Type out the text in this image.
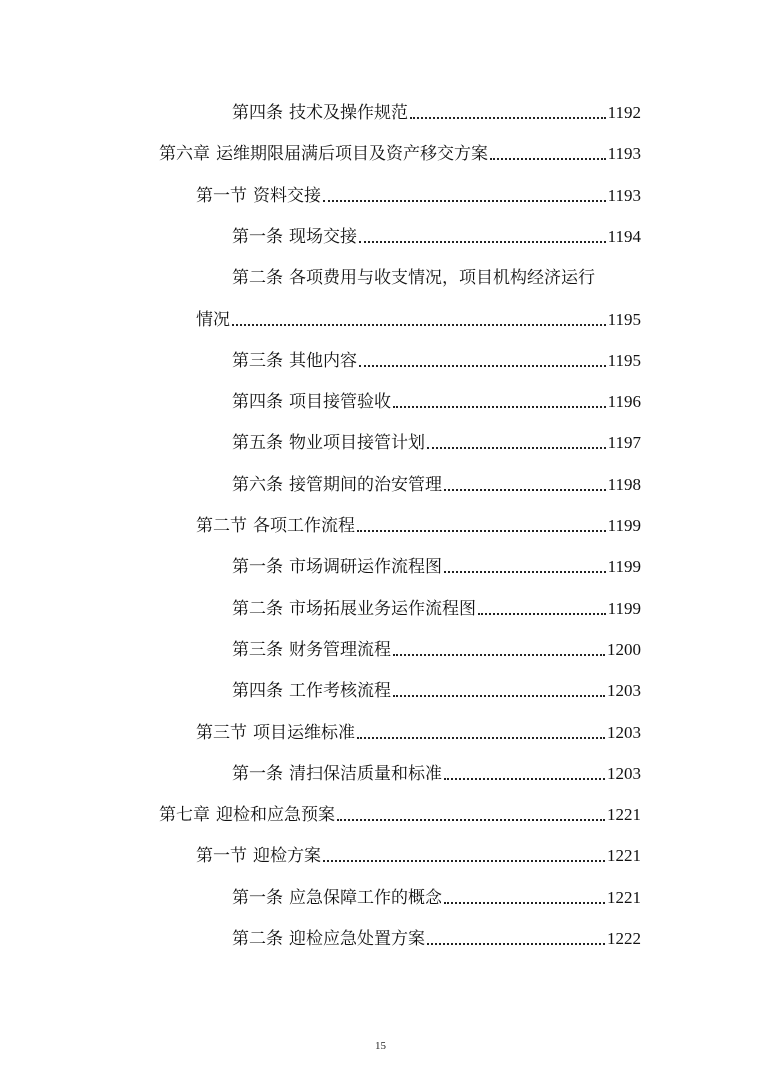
第四条 技术及操作规范	1192
第六章 运维期限届满后项目及资产移交方案	1193
第一节 资料交接	1193
第一条 现场交接	1194
第二条 各项费用与收支情况，项目机构经济运行
情况	1195
第三条 其他内容	1195
第四条 项目接管验收	1196
第五条 物业项目接管计划	1197
第六条 接管期间的治安管理	1198
第二节 各项工作流程	1199
第一条 市场调研运作流程图	1199
第二条 市场拓展业务运作流程图	1199
第三条 财务管理流程	1200
第四条 工作考核流程	1203
第三节 项目运维标准	1203
第一条 清扫保洁质量和标准	1203
第七章 迎检和应急预案	1221
第一节 迎检方案	1221
第一条 应急保障工作的概念	1221
第二条 迎检应急处置方案	1222
15
